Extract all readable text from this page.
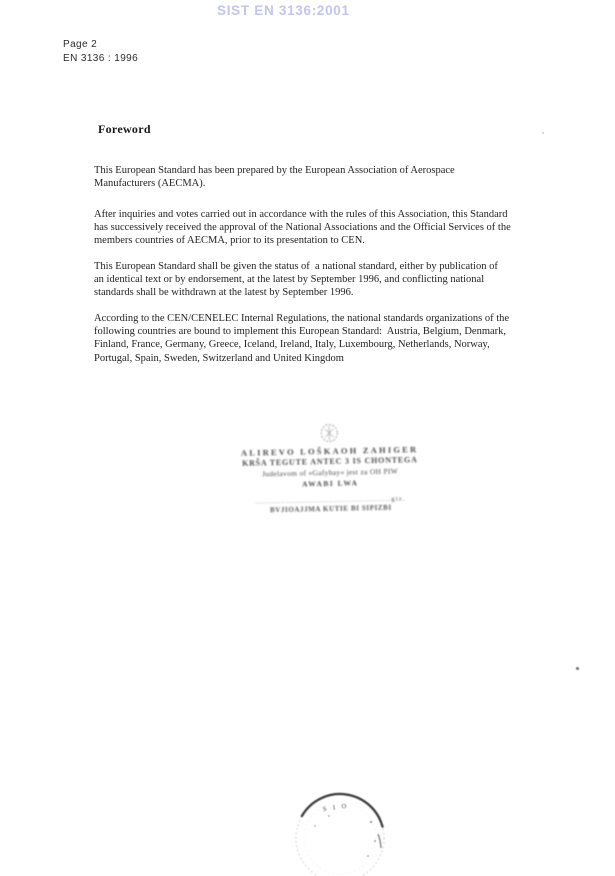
SIST EN 3136:2001
Page 2
EN 3136 : 1996
Foreword
This European Standard has been prepared by the European Association of Aerospace
Manufacturers (AECMA).
After inquiries and votes carried out in accordance with the rules of this Association, this Standard
has successively received the approval of the National Associations and the Official Services of the
members countries of AECMA, prior to its presentation to CEN.
This European Standard shall be given the status of  a national standard, either by publication of
an identical text or by endorsement, at the latest by September 1996, and conflicting national
standards shall be withdrawn at the latest by September 1996.
According to the CEN/CENELEC Internal Regulations, the national standards organizations of the
following countries are bound to implement this European Standard:  Austria, Belgium, Denmark,
Finland, France, Germany, Greece, Iceland, Ireland, Italy, Luxembourg, Netherlands, Norway,
Portugal, Spain, Sweden, Switzerland and United Kingdom
ALIREVO LOŠKAOH ZAHIGER
KRŠA TEGUTE ANTEC 3 IS CHONTEGA
Judelavom of »Gafybay« jest za OH PIW
AWABI LWA
................................................giz.
BVJIOAJJMA KUTIE BI SIPIZBI
S I O
